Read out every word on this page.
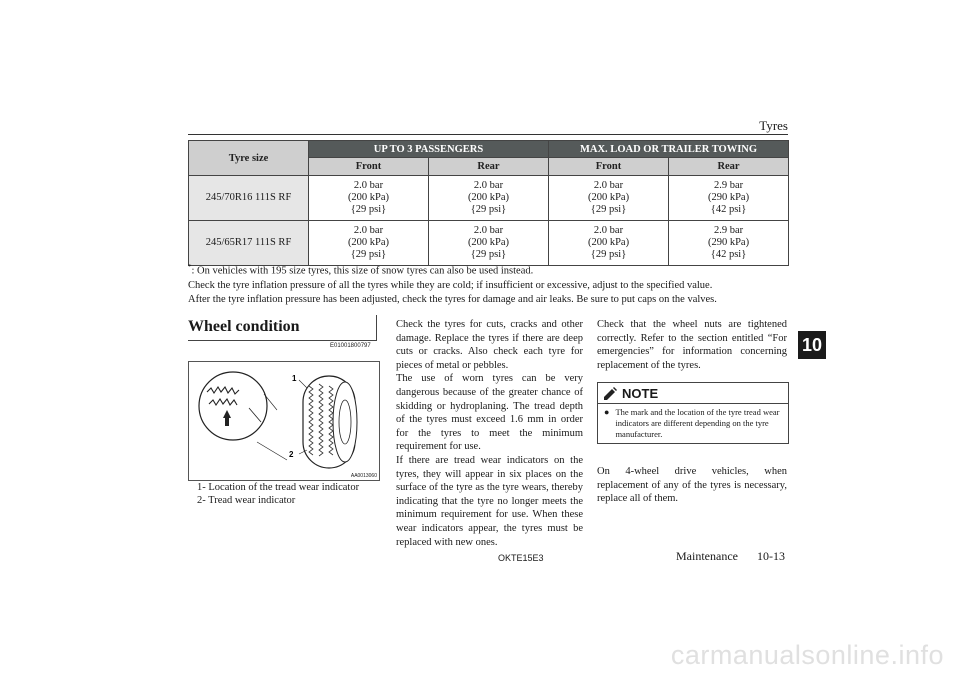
Tyres
10
Tyre size	UP TO 3 PASSENGERS		MAX. LOAD OR TRAILER TOWING	
	Front	Rear	Front	Rear
245/70R16 111S RF	2.0 bar
(200 kPa)
{29 psi}	2.0 bar
(200 kPa)
{29 psi}	2.0 bar
(200 kPa)
{29 psi}	2.9 bar
(290 kPa)
{42 psi}
245/65R17 111S RF	2.0 bar
(200 kPa)
{29 psi}	2.0 bar
(200 kPa)
{29 psi}	2.0 bar
(200 kPa)
{29 psi}	2.9 bar
(290 kPa)
{42 psi}
*: On vehicles with 195 size tyres, this size of snow tyres can also be used instead.
Check the tyre inflation pressure of all the tyres while they are cold; if insufficient or excessive, adjust to the specified value.
After the tyre inflation pressure has been adjusted, check the tyres for damage and air leaks. Be sure to put caps on the valves.
Wheel condition
E01001800797
1
2
AA0013060
1- Location of the tread wear indicator
2- Tread wear indicator

Check the tyres for cuts, cracks and other damage. Replace the tyres if there are deep cuts or cracks. Also check each tyre for pieces of metal or pebbles.

The use of worn tyres can be very dangerous because of the greater chance of skidding or hydroplaning. The tread depth of the tyres must exceed 1.6 mm in order for the tyres to meet the minimum requirement for use.

If there are tread wear indicators on the tyres, they will appear in six places on the surface of the tyre as the tyre wears, thereby indicating that the tyre no longer meets the minimum requirement for use. When these wear indicators appear, the tyres must be replaced with new ones.

Check that the wheel nuts are tightened correctly. Refer to the section entitled “For emergencies” for information concerning replacement of the tyres.

NOTE
● The mark and the location of the tyre tread wear indicators are different depending on the tyre manufacturer.

On 4-wheel drive vehicles, when replacement of any of the tyres is necessary, replace all of them.

OKTE15E3	Maintenance 10-13
carmanualsonline.info
